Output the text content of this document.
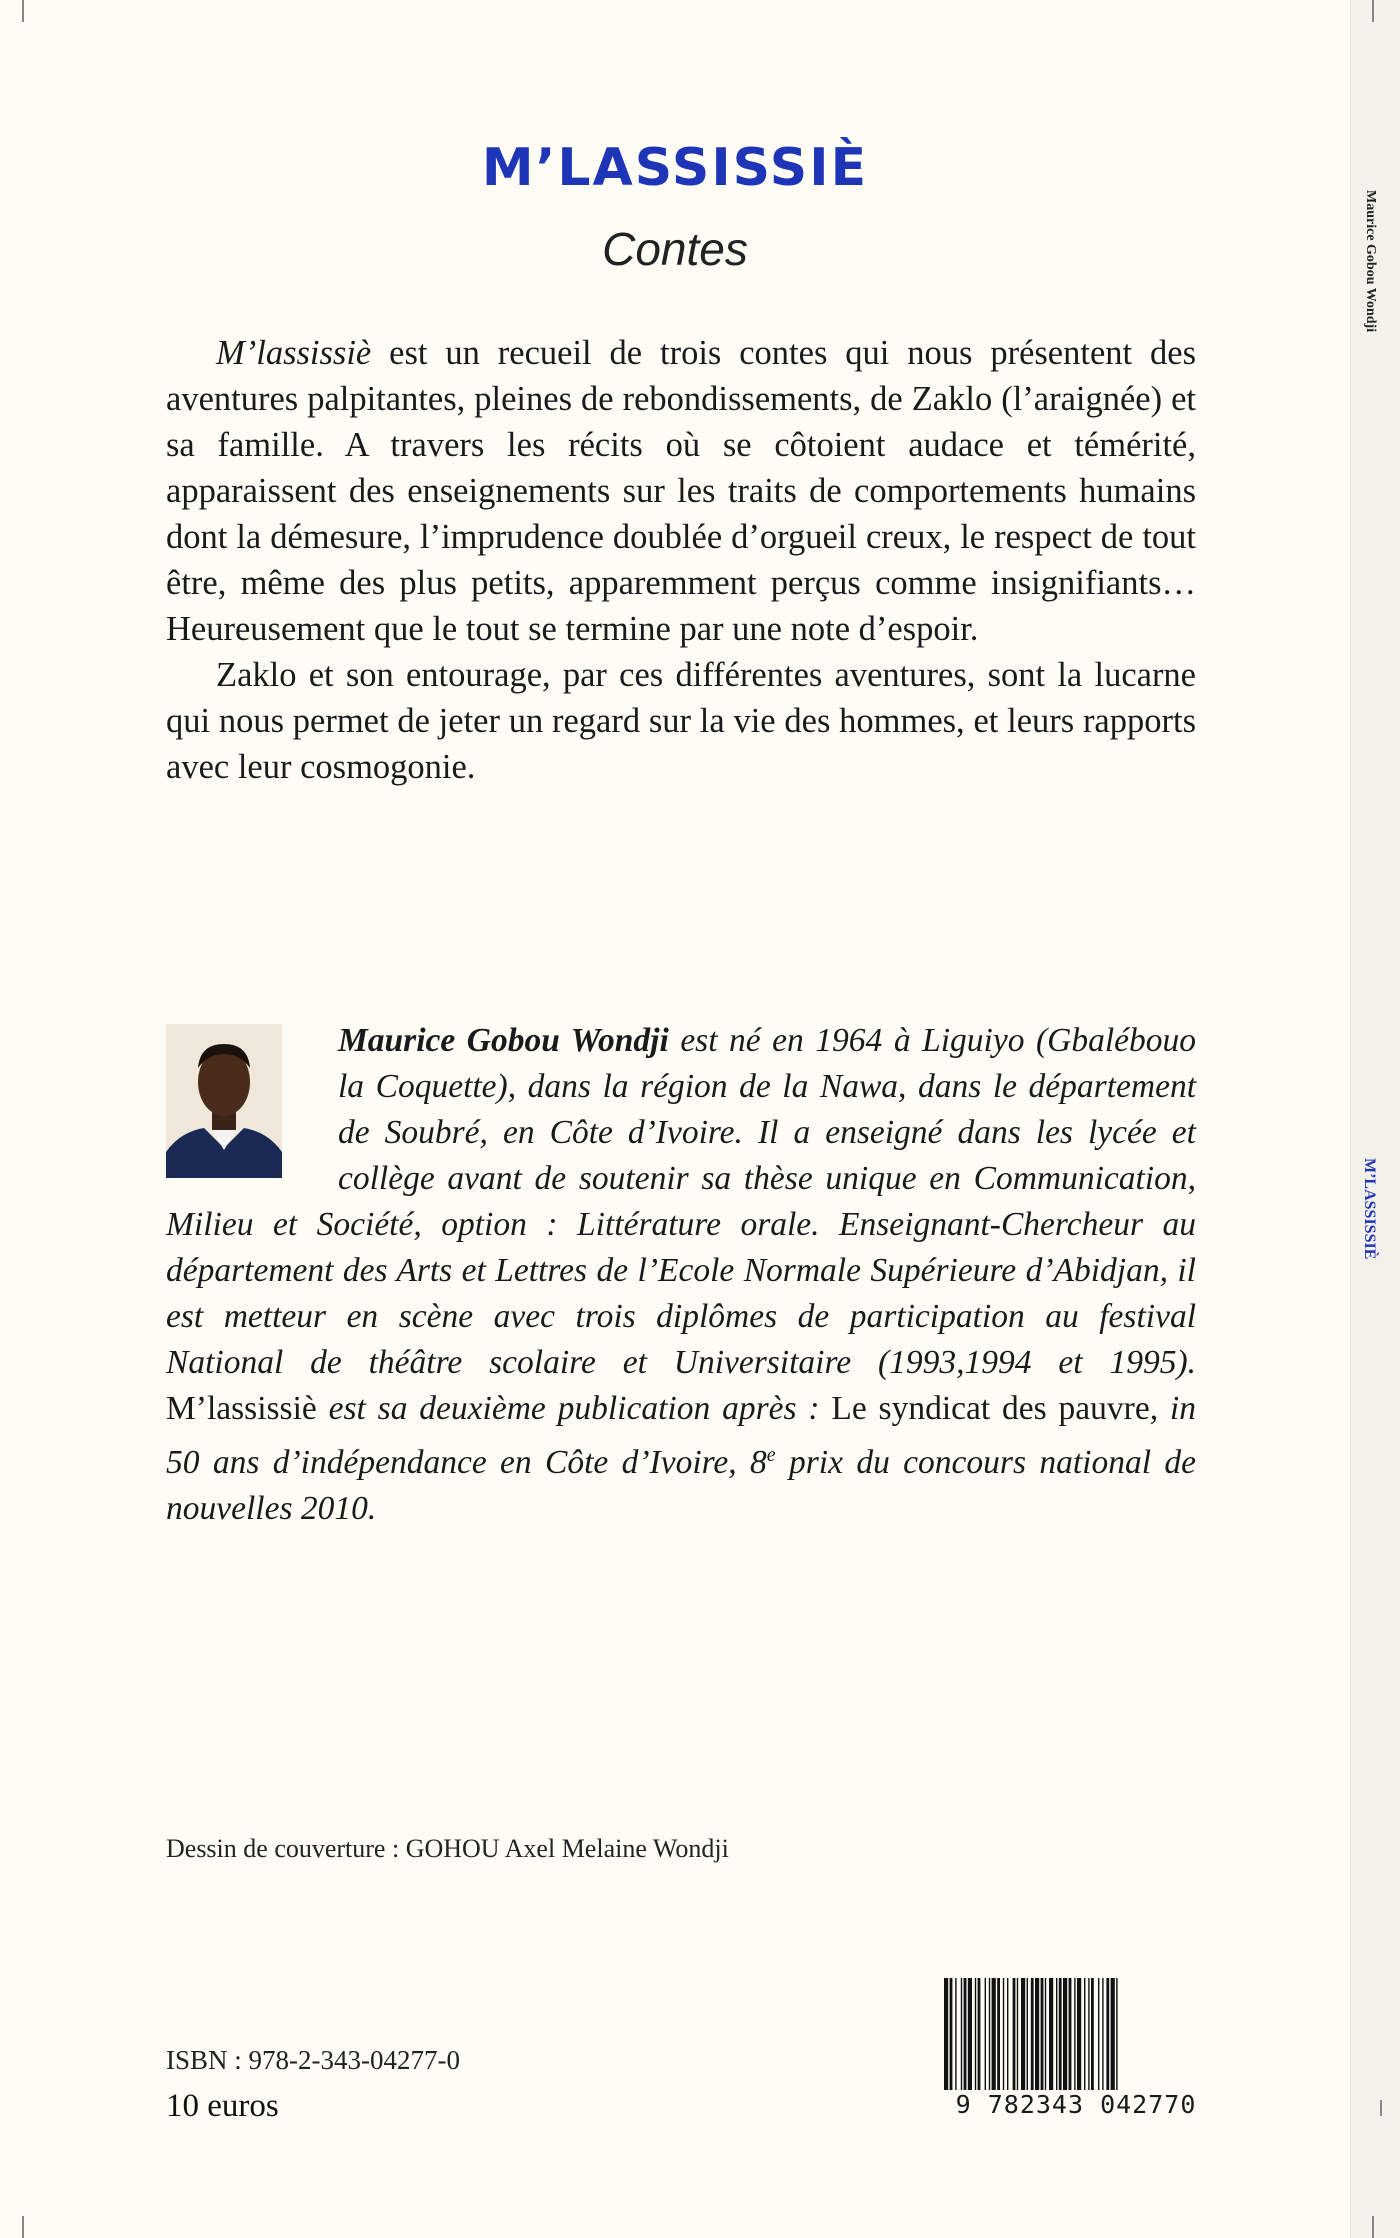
M’LASSISSIÈ
Contes

M’lassissiè est un recueil de trois contes qui nous présentent des aventures palpitantes, pleines de rebondissements, de Zaklo (l’araignée) et sa famille. A travers les récits où se côtoient audace et témérité, apparaissent des enseignements sur les traits de comportements humains dont la démesure, l’imprudence doublée d’orgueil creux, le respect de tout être, même des plus petits, apparemment perçus comme insignifiants… Heureusement que le tout se termine par une note d’espoir.

Zaklo et son entourage, par ces différentes aventures, sont la lucarne qui nous permet de jeter un regard sur la vie des hommes, et leurs rapports avec leur cosmogonie.

Maurice Gobou Wondji est né en 1964 à Liguiyo (Gbalébouo la Coquette), dans la région de la Nawa, dans le département de Soubré, en Côte d’Ivoire. Il a enseigné dans les lycée et collège avant de soutenir sa thèse unique en Communication, Milieu et Société, option : Littérature orale. Enseignant-Chercheur au département des Arts et Lettres de l’Ecole Normale Supérieure d’Abidjan, il est metteur en scène avec trois diplômes de participation au festival National de théâtre scolaire et Universitaire (1993,1994 et 1995). M’lassissiè est sa deuxième publication après : Le syndicat des pauvre, in 50 ans d’indépendance en Côte d’Ivoire, 8e prix du concours national de nouvelles 2010.
Dessin de couverture : GOHOU Axel Melaine Wondji
ISBN : 978-2-343-04277-0
10 euros	9 782343 042770
Maurice Gobou Wondji
M’LASSISSIÈ
